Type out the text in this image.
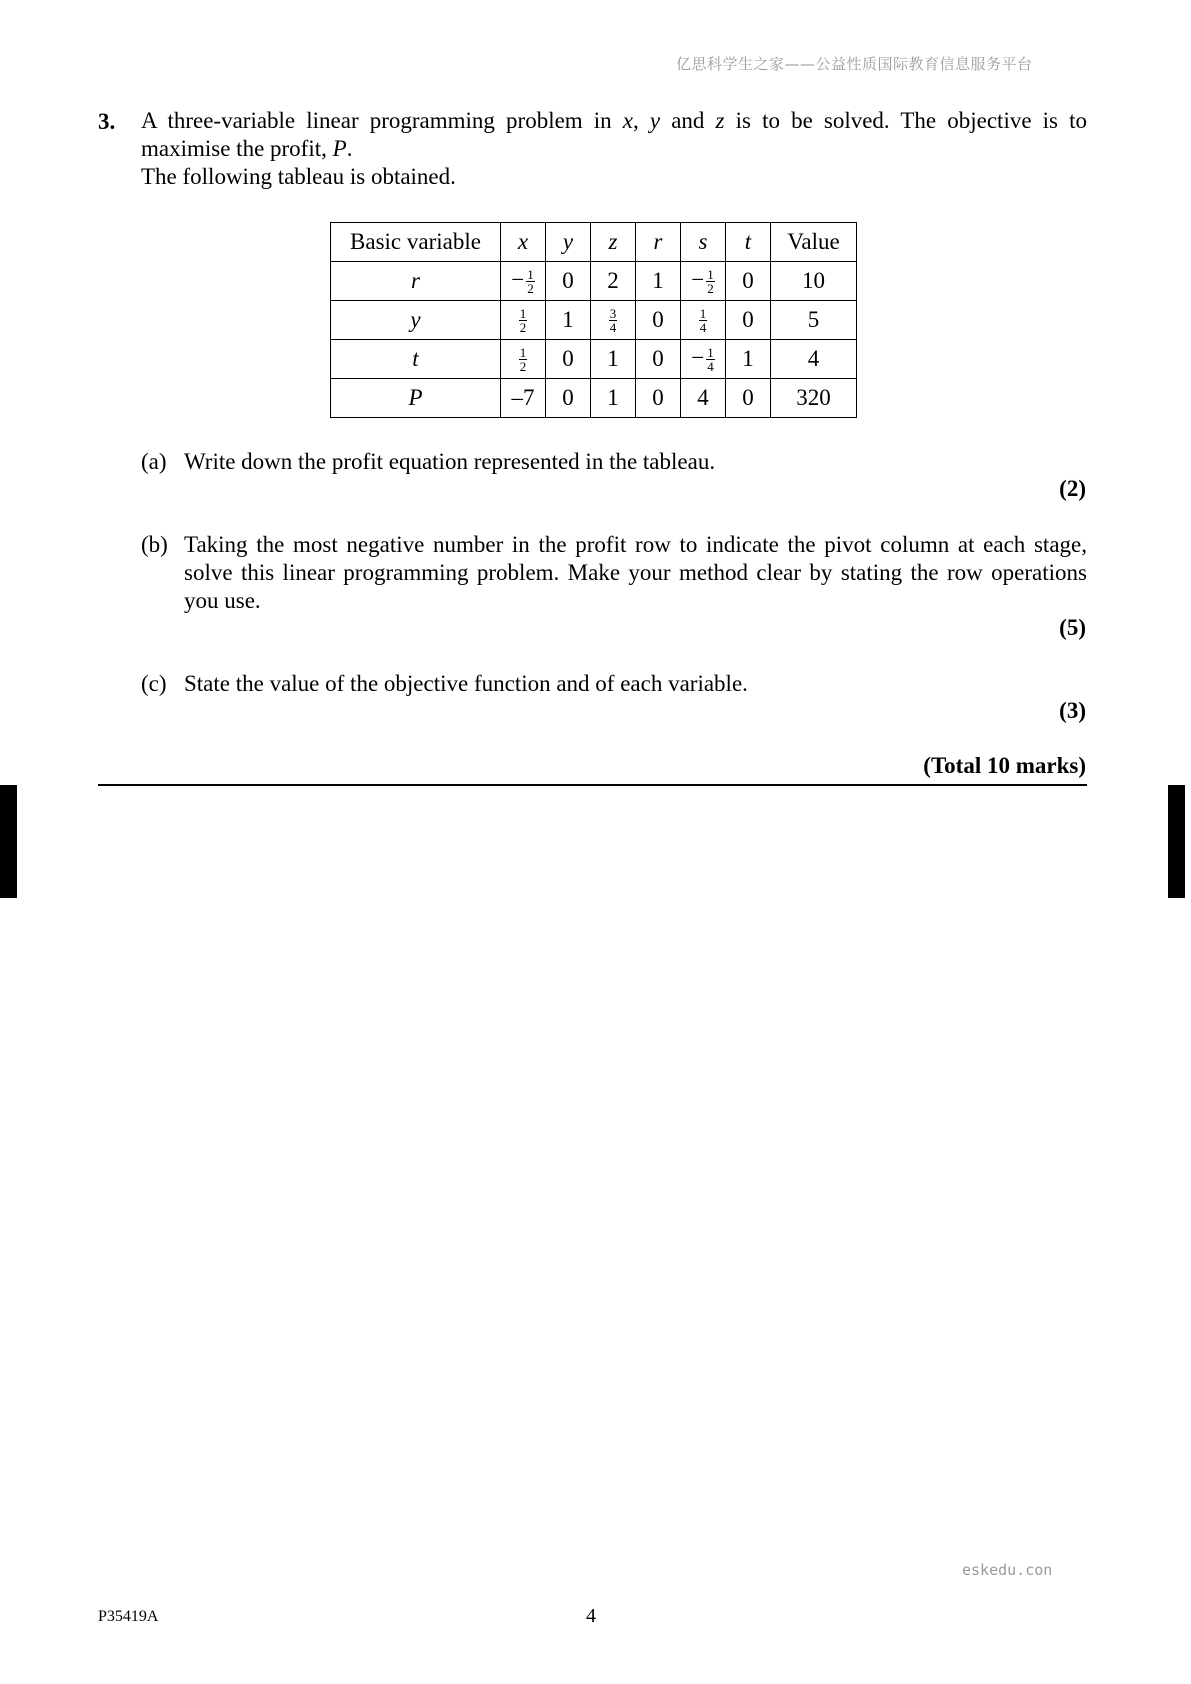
亿思科学生之家——公益性质国际教育信息服务平台
3. A three-variable linear programming problem in x, y and z is to be solved. The objective is to

maximise the profit, P.

The following tableau is obtained.

Basic variable	x	y	z	r	s	t	Value
r	− $\frac{1}{2}$	0	2	1	− $\frac{1}{2}$	0	10
y	$\frac{1}{2}$	1	$\frac{3}{4}$	0	$\frac{1}{4}$	0	5
t	$\frac{1}{2}$	0	1	0	− $\frac{1}{4}$	1	4
P	–7	0	1	0	4	0	320
(a) Write down the profit equation represented in the tableau.
(2)
(b) Taking the most negative number in the profit row to indicate the pivot column at each stage,
solve this linear programming problem. Make your method clear by stating the row operations
you use.
(5)
(c) State the value of the objective function and of each variable.
(3)
(Total 10 marks)
eskedu.con
P35419A	4
